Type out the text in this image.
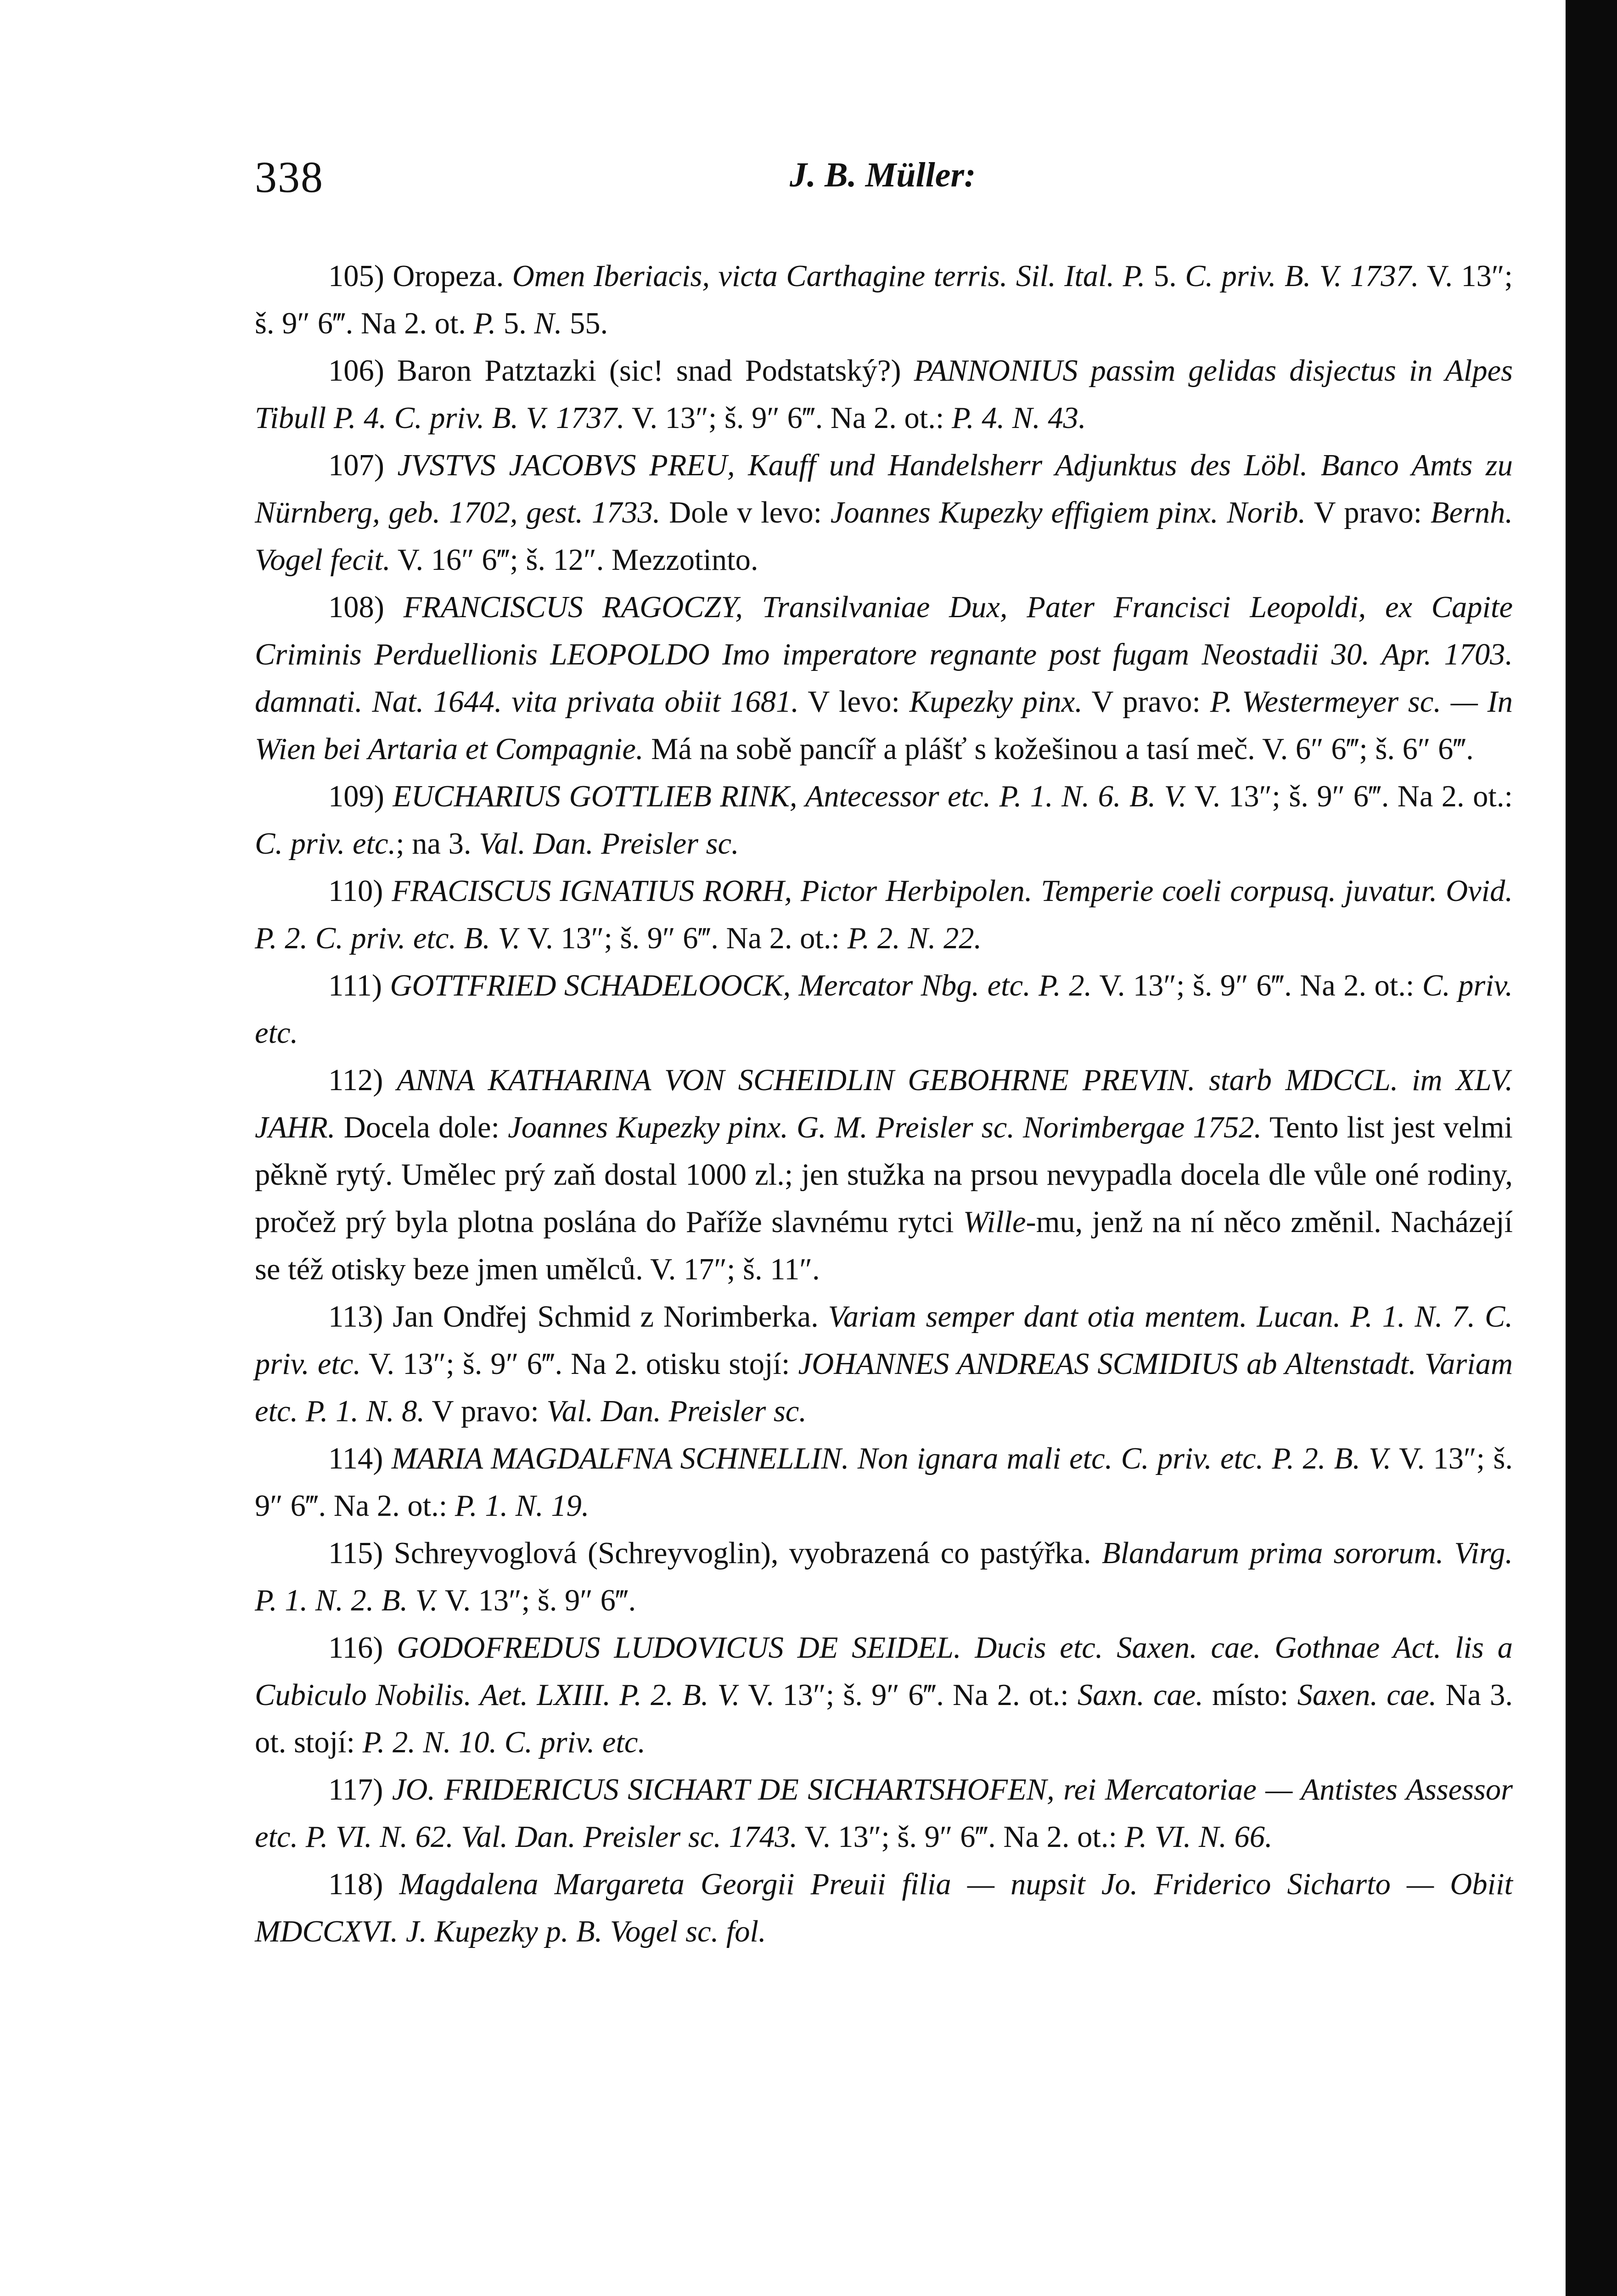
338	J. B. Müller:

105) Oropeza. Omen Iberiacis, victa Carthagine terris. Sil. Ital. P. 5. C. priv. B. V. 1737. V. 13″; š. 9″ 6‴. Na 2. ot. P. 5. N. 55.

106) Baron Patztazki (sic! snad Podstatský?) PANNONIUS passim gelidas disjectus in Alpes Tibull P. 4. C. priv. B. V. 1737. V. 13″; š. 9″ 6‴. Na 2. ot.: P. 4. N. 43.

107) JVSTVS JACOBVS PREU, Kauff und Handelsherr Adjunktus des Löbl. Banco Amts zu Nürnberg, geb. 1702, gest. 1733. Dole v levo: Joannes Kupezky effigiem pinx. Norib. V pravo: Bernh. Vogel fecit. V. 16″ 6‴; š. 12″. Mezzotinto.

108) FRANCISCUS RAGOCZY, Transilvaniae Dux, Pater Francisci Leopoldi, ex Capite Criminis Perduellionis LEOPOLDO Imo imperatore regnante post fugam Neostadii 30. Apr. 1703. damnati. Nat. 1644. vita privata obiit 1681. V levo: Kupezky pinx. V pravo: P. Westermeyer sc. — In Wien bei Artaria et Compagnie. Má na sobě pancíř a plášť s kožešinou a tasí meč. V. 6″ 6‴; š. 6″ 6‴.

109) EUCHARIUS GOTTLIEB RINK, Antecessor etc. P. 1. N. 6. B. V. V. 13″; š. 9″ 6‴. Na 2. ot.: C. priv. etc.; na 3. Val. Dan. Preisler sc.

110) FRACISCUS IGNATIUS RORH, Pictor Herbipolen. Temperie coeli corpusq. juvatur. Ovid. P. 2. C. priv. etc. B. V. V. 13″; š. 9″ 6‴. Na 2. ot.: P. 2. N. 22.

111) GOTTFRIED SCHADELOOCK, Mercator Nbg. etc. P. 2. V. 13″; š. 9″ 6‴. Na 2. ot.: C. priv. etc.

112) ANNA KATHARINA VON SCHEIDLIN GEBOHRNE PREVIN. starb MDCCL. im XLV. JAHR. Docela dole: Joannes Kupezky pinx. G. M. Preisler sc. Norimbergae 1752. Tento list jest velmi pěkně rytý. Umělec prý zaň dostal 1000 zl.; jen stužka na prsou nevypadla docela dle vůle oné rodiny, pročež prý byla plotna poslána do Paříže slavnému rytci Wille-mu, jenž na ní něco změnil. Nacházejí se též otisky beze jmen umělců. V. 17″; š. 11″.

113) Jan Ondřej Schmid z Norimberka. Variam semper dant otia mentem. Lucan. P. 1. N. 7. C. priv. etc. V. 13″; š. 9″ 6‴. Na 2. otisku stojí: JOHANNES ANDREAS SCMIDIUS ab Altenstadt. Variam etc. P. 1. N. 8. V pravo: Val. Dan. Preisler sc.

114) MARIA MAGDALFNA SCHNELLIN. Non ignara mali etc. C. priv. etc. P. 2. B. V. V. 13″; š. 9″ 6‴. Na 2. ot.: P. 1. N. 19.

115) Schreyvoglová (Schreyvoglin), vyobrazená co pastýřka. Blandarum prima sororum. Virg. P. 1. N. 2. B. V. V. 13″; š. 9″ 6‴.

116) GODOFREDUS LUDOVICUS DE SEIDEL. Ducis etc. Saxen. cae. Gothnae Act. lis a Cubiculo Nobilis. Aet. LXIII. P. 2. B. V. V. 13″; š. 9″ 6‴. Na 2. ot.: Saxn. cae. místo: Saxen. cae. Na 3. ot. stojí: P. 2. N. 10. C. priv. etc.

117) JO. FRIDERICUS SICHART DE SICHARTSHOFEN, rei Mercatoriae — Antistes Assessor etc. P. VI. N. 62. Val. Dan. Preisler sc. 1743. V. 13″; š. 9″ 6‴. Na 2. ot.: P. VI. N. 66.

118) Magdalena Margareta Georgii Preuii filia — nupsit Jo. Friderico Sicharto — Obiit MDCCXVI. J. Kupezky p. B. Vogel sc. fol.
